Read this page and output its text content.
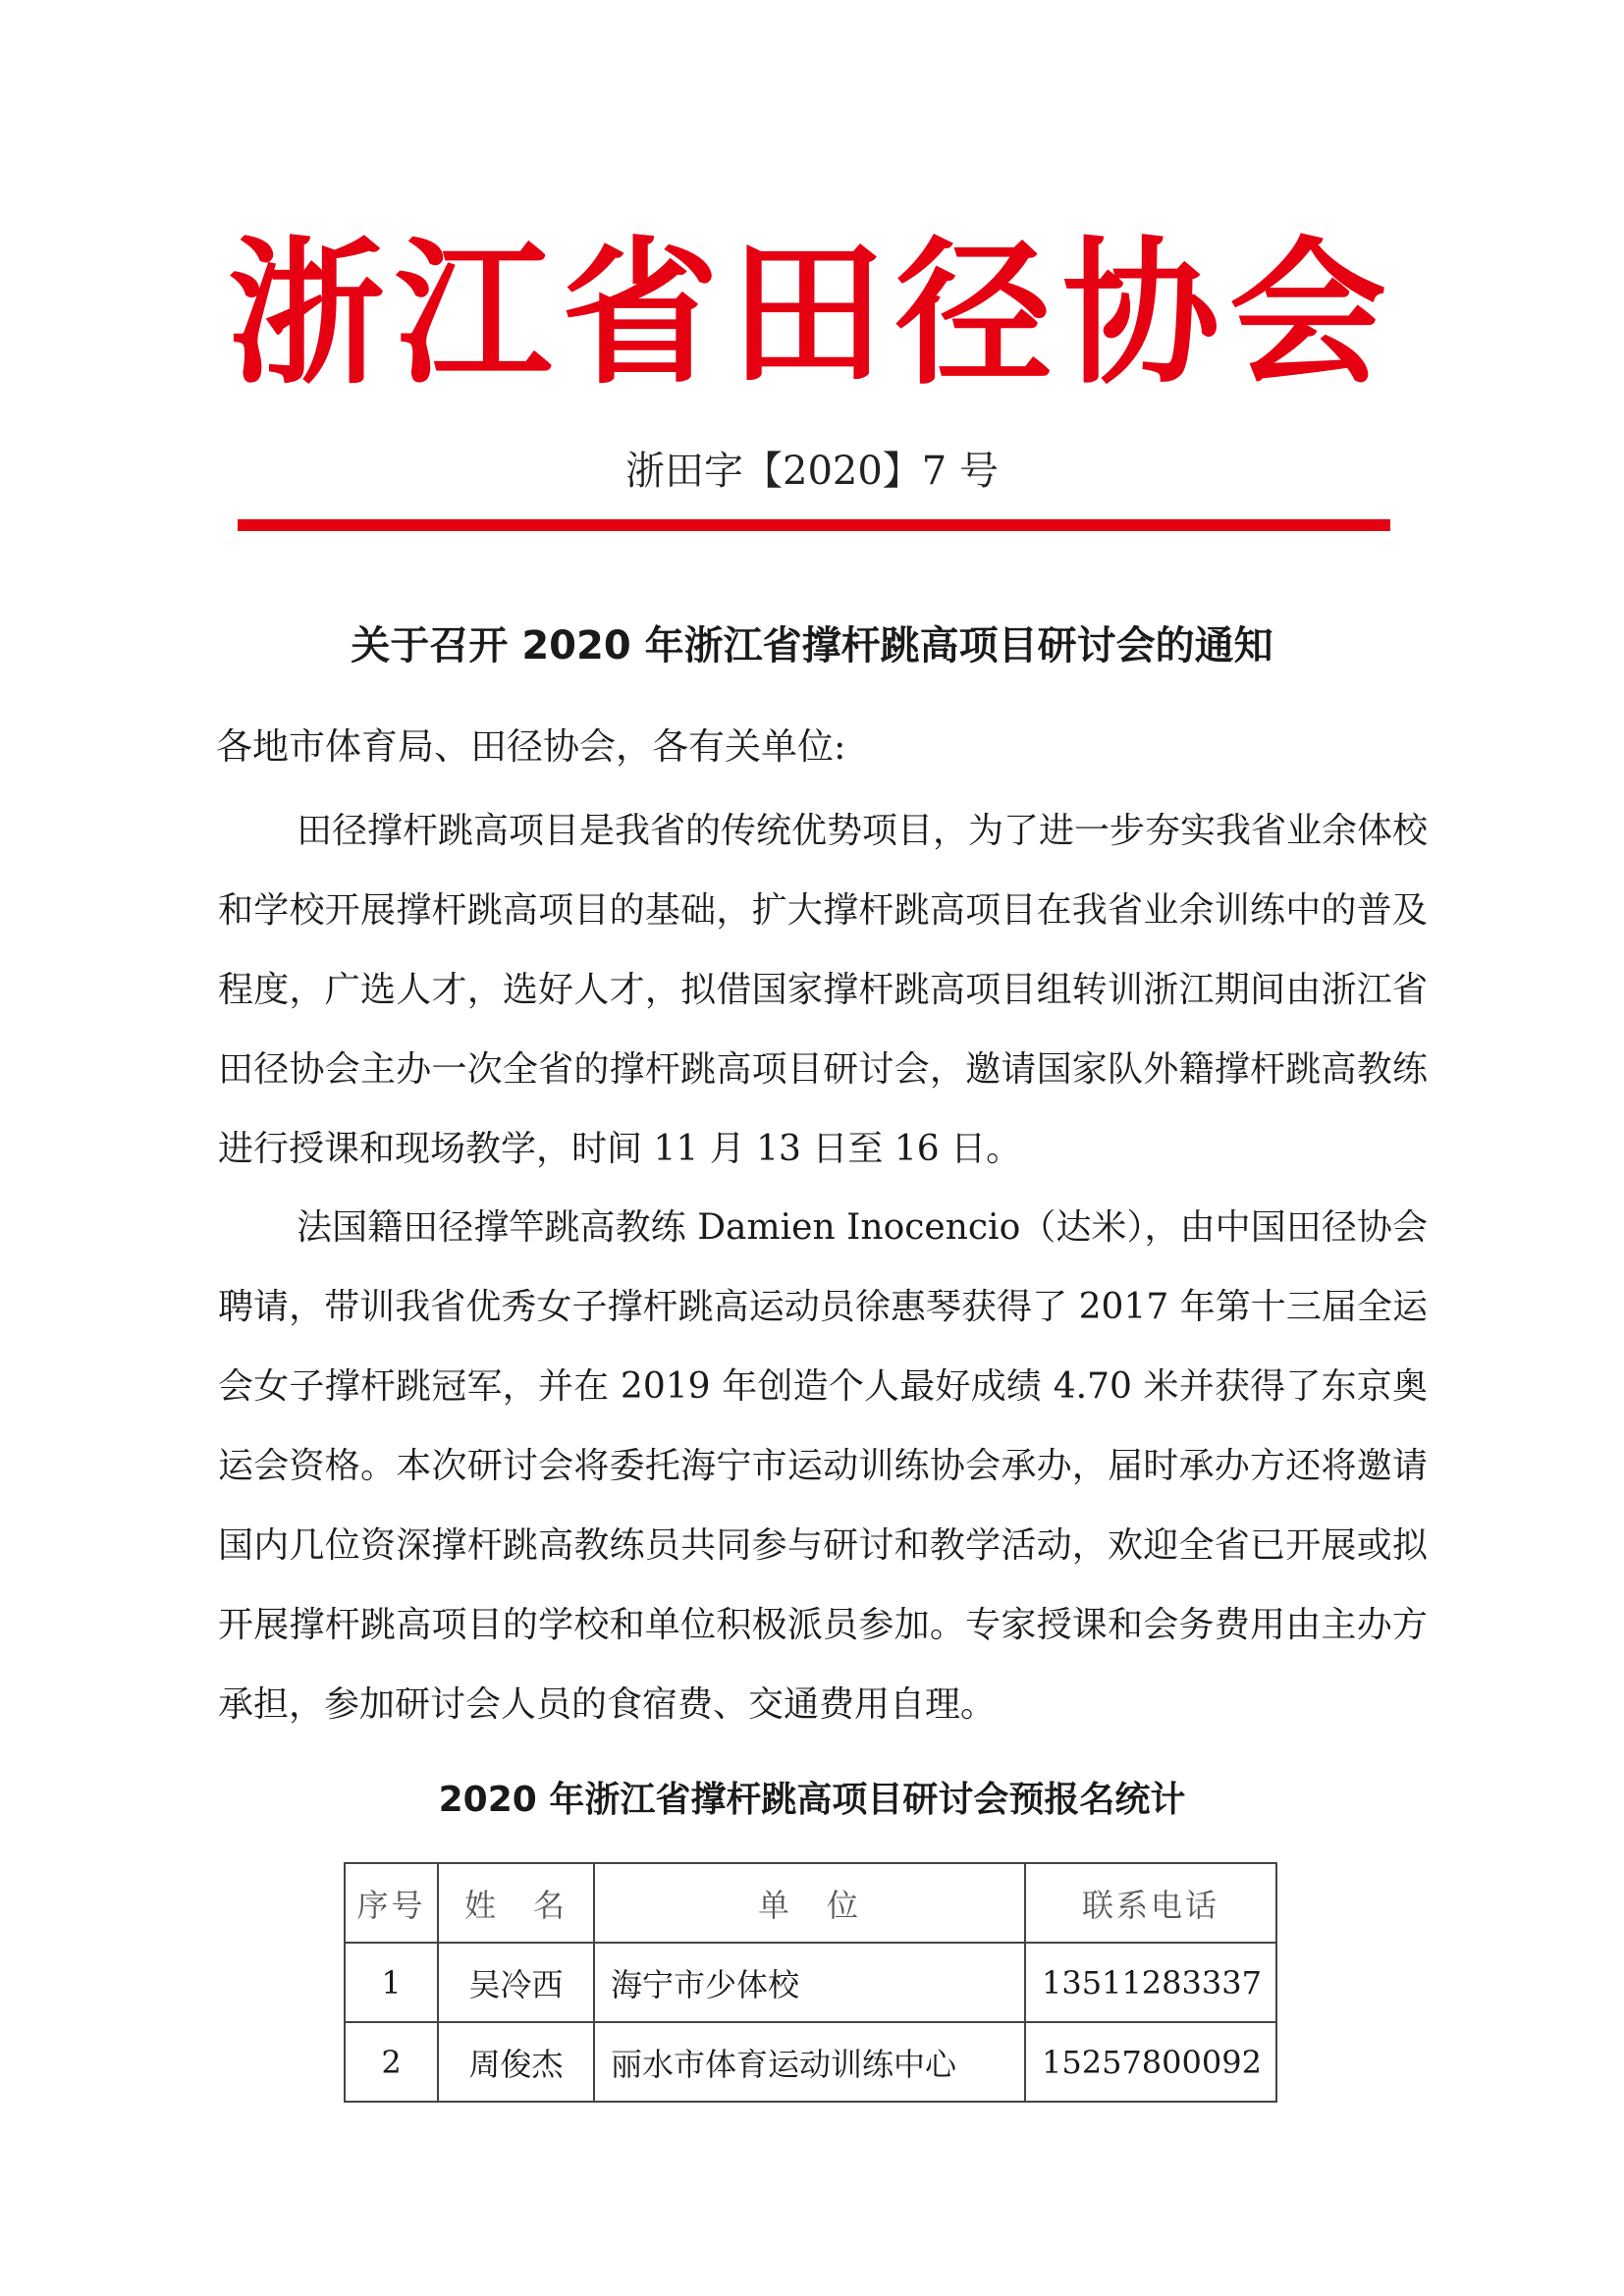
浙江省田径协会
浙田字【2020】7 号
关于召开 2020 年浙江省撑杆跳高项目研讨会的通知
各地市体育局、田径协会，各有关单位:

田径撑杆跳高项目是我省的传统优势项目，为了进一步夯实我省业余体校和学校开展撑杆跳高项目的基础，扩大撑杆跳高项目在我省业余训练中的普及程度，广选人才，选好人才，拟借国家撑杆跳高项目组转训浙江期间由浙江省田径协会主办一次全省的撑杆跳高项目研讨会，邀请国家队外籍撑杆跳高教练进行授课和现场教学，时间 11 月 13 日至 16 日。

法国籍田径撑竿跳高教练 Damien Inocencio（达米），由中国田径协会聘请，带训我省优秀女子撑杆跳高运动员徐惠琴获得了 2017 年第十三届全运会女子撑杆跳冠军，并在 2019 年创造个人最好成绩 4.70 米并获得了东京奥运会资格。本次研讨会将委托海宁市运动训练协会承办，届时承办方还将邀请国内几位资深撑杆跳高教练员共同参与研讨和教学活动，欢迎全省已开展或拟开展撑杆跳高项目的学校和单位积极派员参加。专家授课和会务费用由主办方承担，参加研讨会人员的食宿费、交通费用自理。

2020 年浙江省撑杆跳高项目研讨会预报名统计
序号	姓　名	单　位	联系电话
1	吴冷西	海宁市少体校	13511283337
2	周俊杰	丽水市体育运动训练中心	15257800092
